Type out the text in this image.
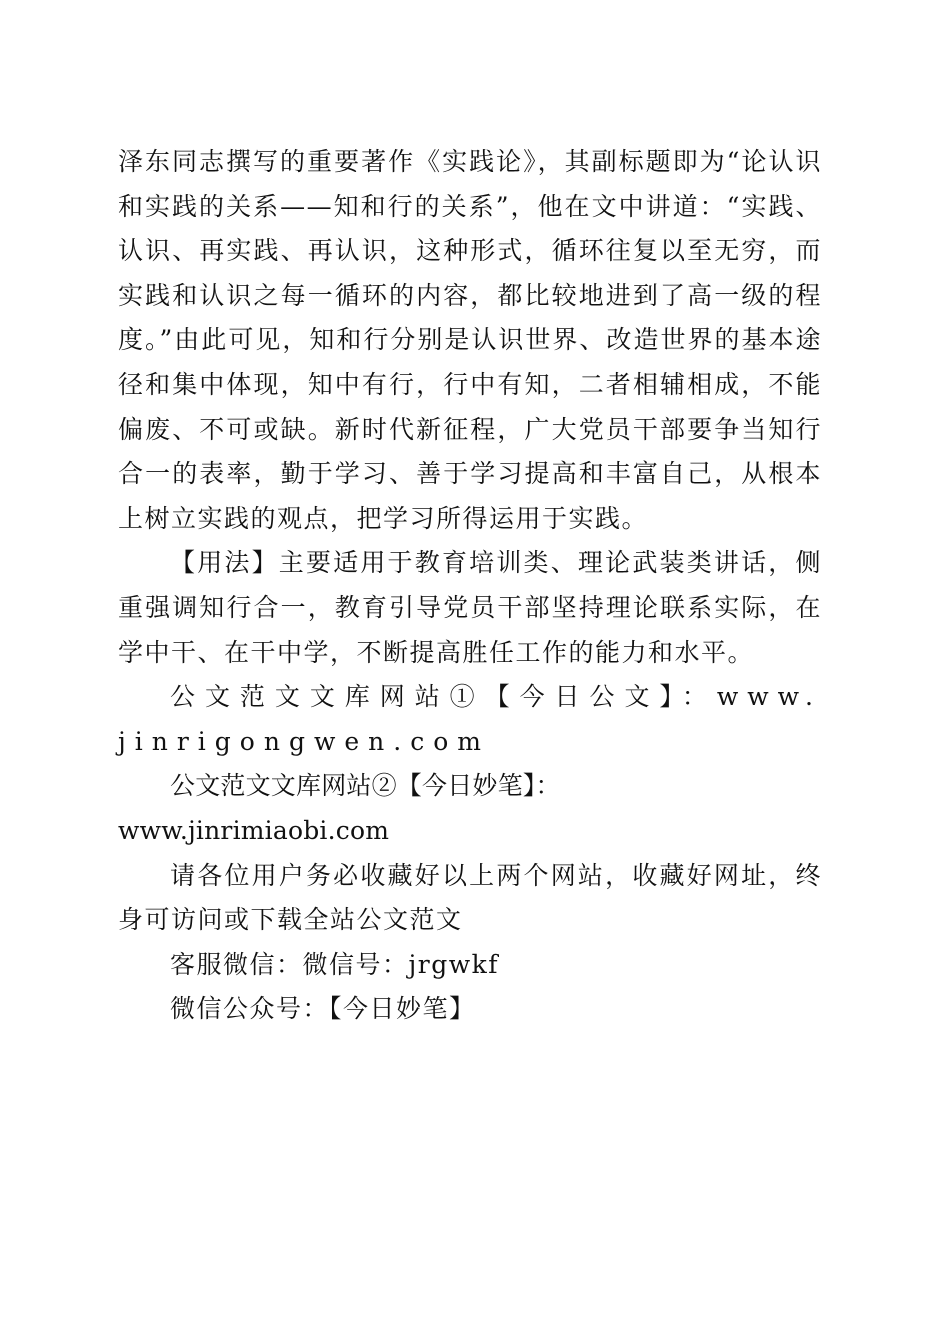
泽东同志撰写的重要著作《实践论》，其副标题即为“论认识和实践的关系——知和行的关系”，他在文中讲道：“实践、认识、再实践、再认识，这种形式，循环往复以至无穷，而实践和认识之每一循环的内容，都比较地进到了高一级的程度。”由此可见，知和行分别是认识世界、改造世界的基本途径和集中体现，知中有行，行中有知，二者相辅相成，不能偏废、不可或缺。新时代新征程，广大党员干部要争当知行合一的表率，勤于学习、善于学习提高和丰富自己，从根本上树立实践的观点，把学习所得运用于实践。

【用法】主要适用于教育培训类、理论武装类讲话，侧重强调知行合一，教育引导党员干部坚持理论联系实际，在学中干、在干中学，不断提高胜任工作的能力和水平。

公文范文文库网站①【今日公文】：www.jinrigongwen.com

公文范文文库网站②【今日妙笔】：www.jinrimiaobi.com

请各位用户务必收藏好以上两个网站，收藏好网址，终身可访问或下载全站公文范文

客服微信：微信号：jrgwkf

微信公众号：【今日妙笔】
